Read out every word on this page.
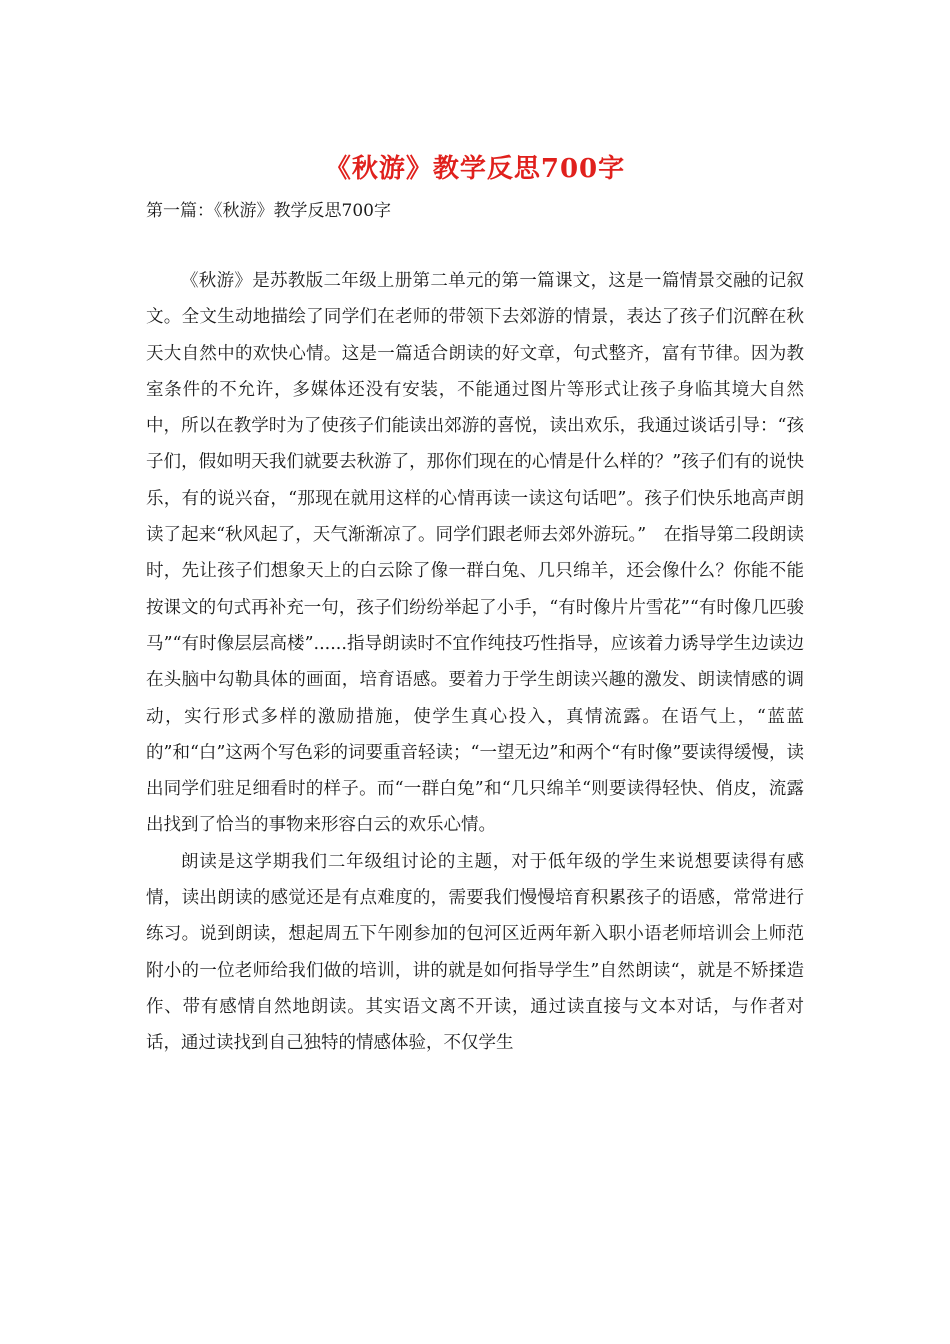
《秋游》教学反思700字

第一篇：《秋游》教学反思700字

《秋游》是苏教版二年级上册第二单元的第一篇课文，这是一篇情景交融的记叙文。全文生动地描绘了同学们在老师的带领下去郊游的情景，表达了孩子们沉醉在秋天大自然中的欢快心情。这是一篇适合朗读的好文章，句式整齐，富有节律。因为教室条件的不允许，多媒体还没有安装，不能通过图片等形式让孩子身临其境大自然中，所以在教学时为了使孩子们能读出郊游的喜悦，读出欢乐，我通过谈话引导：“孩子们，假如明天我们就要去秋游了，那你们现在的心情是什么样的？”孩子们有的说快乐，有的说兴奋，“那现在就用这样的心情再读一读这句话吧”。孩子们快乐地高声朗读了起来“秋风起了，天气渐渐凉了。同学们跟老师去郊外游玩。”　在指导第二段朗读时，先让孩子们想象天上的白云除了像一群白兔、几只绵羊，还会像什么？你能不能按课文的句式再补充一句，孩子们纷纷举起了小手，“有时像片片雪花”“有时像几匹骏马”“有时像层层高楼”......指导朗读时不宜作纯技巧性指导，应该着力诱导学生边读边在头脑中勾勒具体的画面，培育语感。要着力于学生朗读兴趣的激发、朗读情感的调动，实行形式多样的激励措施，使学生真心投入，真情流露。在语气上，“蓝蓝的”和“白”这两个写色彩的词要重音轻读；“一望无边”和两个“有时像”要读得缓慢，读出同学们驻足细看时的样子。而“一群白兔”和“几只绵羊“则要读得轻快、俏皮，流露出找到了恰当的事物来形容白云的欢乐心情。

朗读是这学期我们二年级组讨论的主题，对于低年级的学生来说想要读得有感情，读出朗读的感觉还是有点难度的，需要我们慢慢培育积累孩子的语感，常常进行练习。说到朗读，想起周五下午刚参加的包河区近两年新入职小语老师培训会上师范附小的一位老师给我们做的培训，讲的就是如何指导学生”自然朗读“，就是不矫揉造作、带有感情自然地朗读。其实语文离不开读，通过读直接与文本对话，与作者对话，通过读找到自己独特的情感体验，不仅学生
